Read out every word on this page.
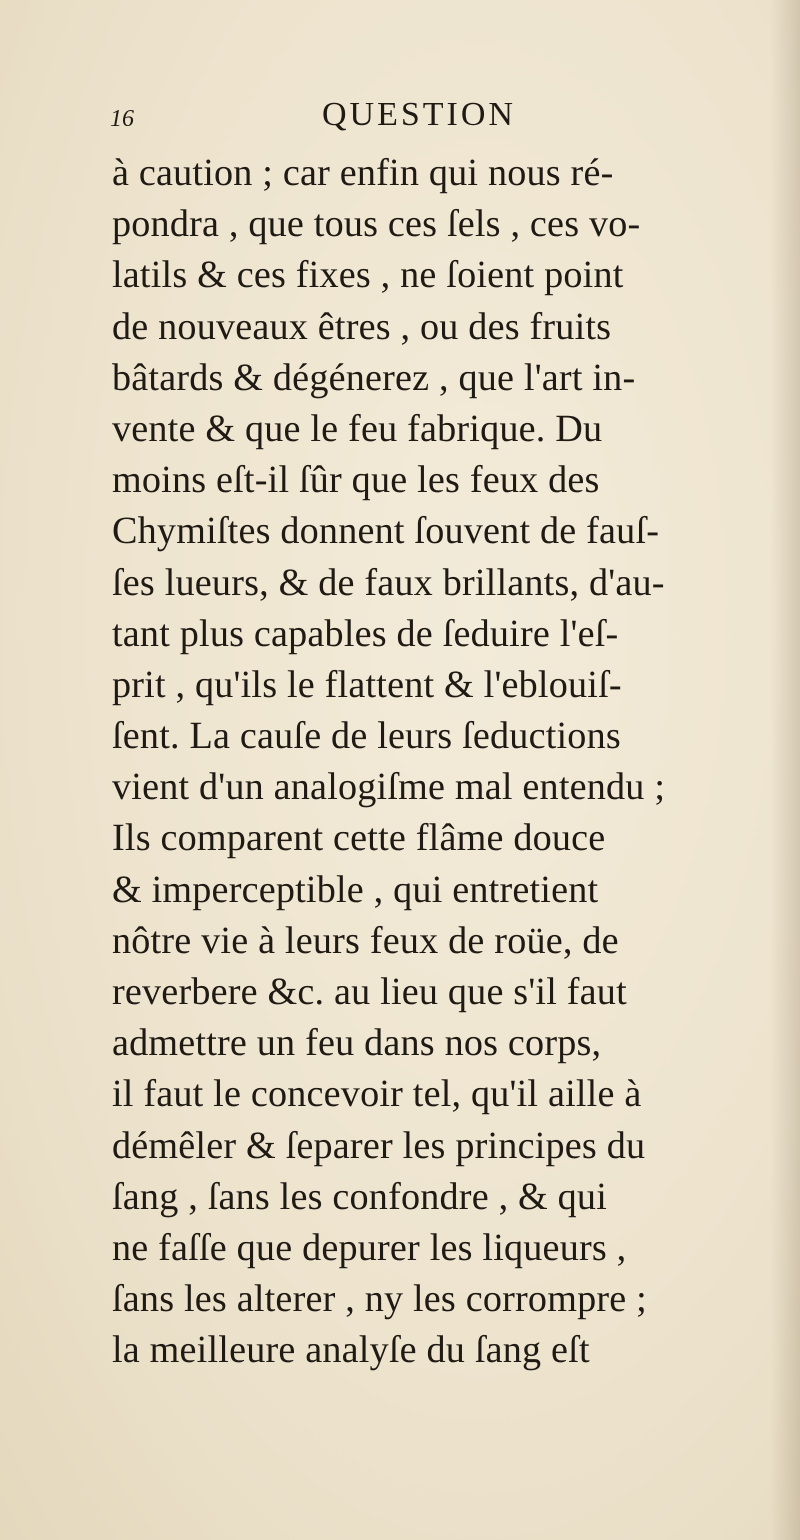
16	QUESTION
à caution ; car enfin qui nous ré-
pondra , que tous ces ſels , ces vo-
latils & ces fixes , ne ſoient point
de nouveaux êtres , ou des fruits
bâtards & dégénerez , que l'art in-
vente & que le feu fabrique. Du
moins eſt-il ſûr que les feux des
Chymiſtes donnent ſouvent de fauſ-
ſes lueurs, & de faux brillants, d'au-
tant plus capables de ſeduire l'eſ-
prit , qu'ils le flattent & l'eblouiſ-
ſent. La cauſe de leurs ſeductions
vient d'un analogiſme mal entendu ;
Ils comparent cette flâme douce
& imperceptible , qui entretient
nôtre vie à leurs feux de roüe, de
reverbere &c. au lieu que s'il faut
admettre un feu dans nos corps,
il faut le concevoir tel, qu'il aille à
démêler & ſeparer les principes du
ſang , ſans les confondre , & qui
ne faſſe que depurer les liqueurs ,
ſans les alterer , ny les corrompre ;
la meilleure analyſe du ſang eſt
